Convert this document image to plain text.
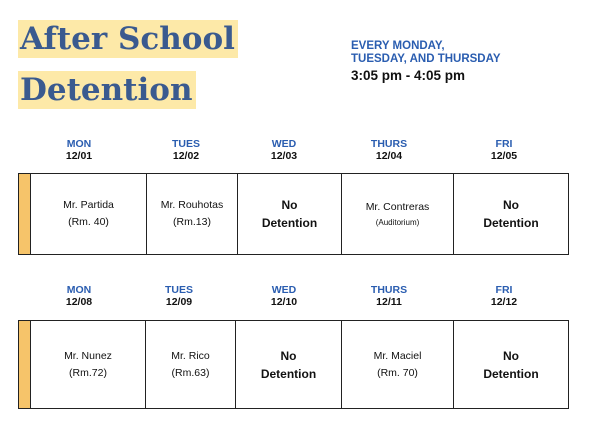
After School
Detention
EVERY MONDAY,
TUESDAY, AND THURSDAY
3:05 pm - 4:05 pm
MON
12/01
TUES
12/02
WED
12/03
THURS
12/04
FRI
12/05
Mr. Partida
(Rm. 40)
Mr. Rouhotas
(Rm.13)
No
Detention
Mr. Contreras
(Auditorium)
No
Detention
MON
12/08
TUES
12/09
WED
12/10
THURS
12/11
FRI
12/12
Mr. Nunez
(Rm.72)
Mr. Rico
(Rm.63)
No
Detention
Mr. Maciel
(Rm. 70)
No
Detention
